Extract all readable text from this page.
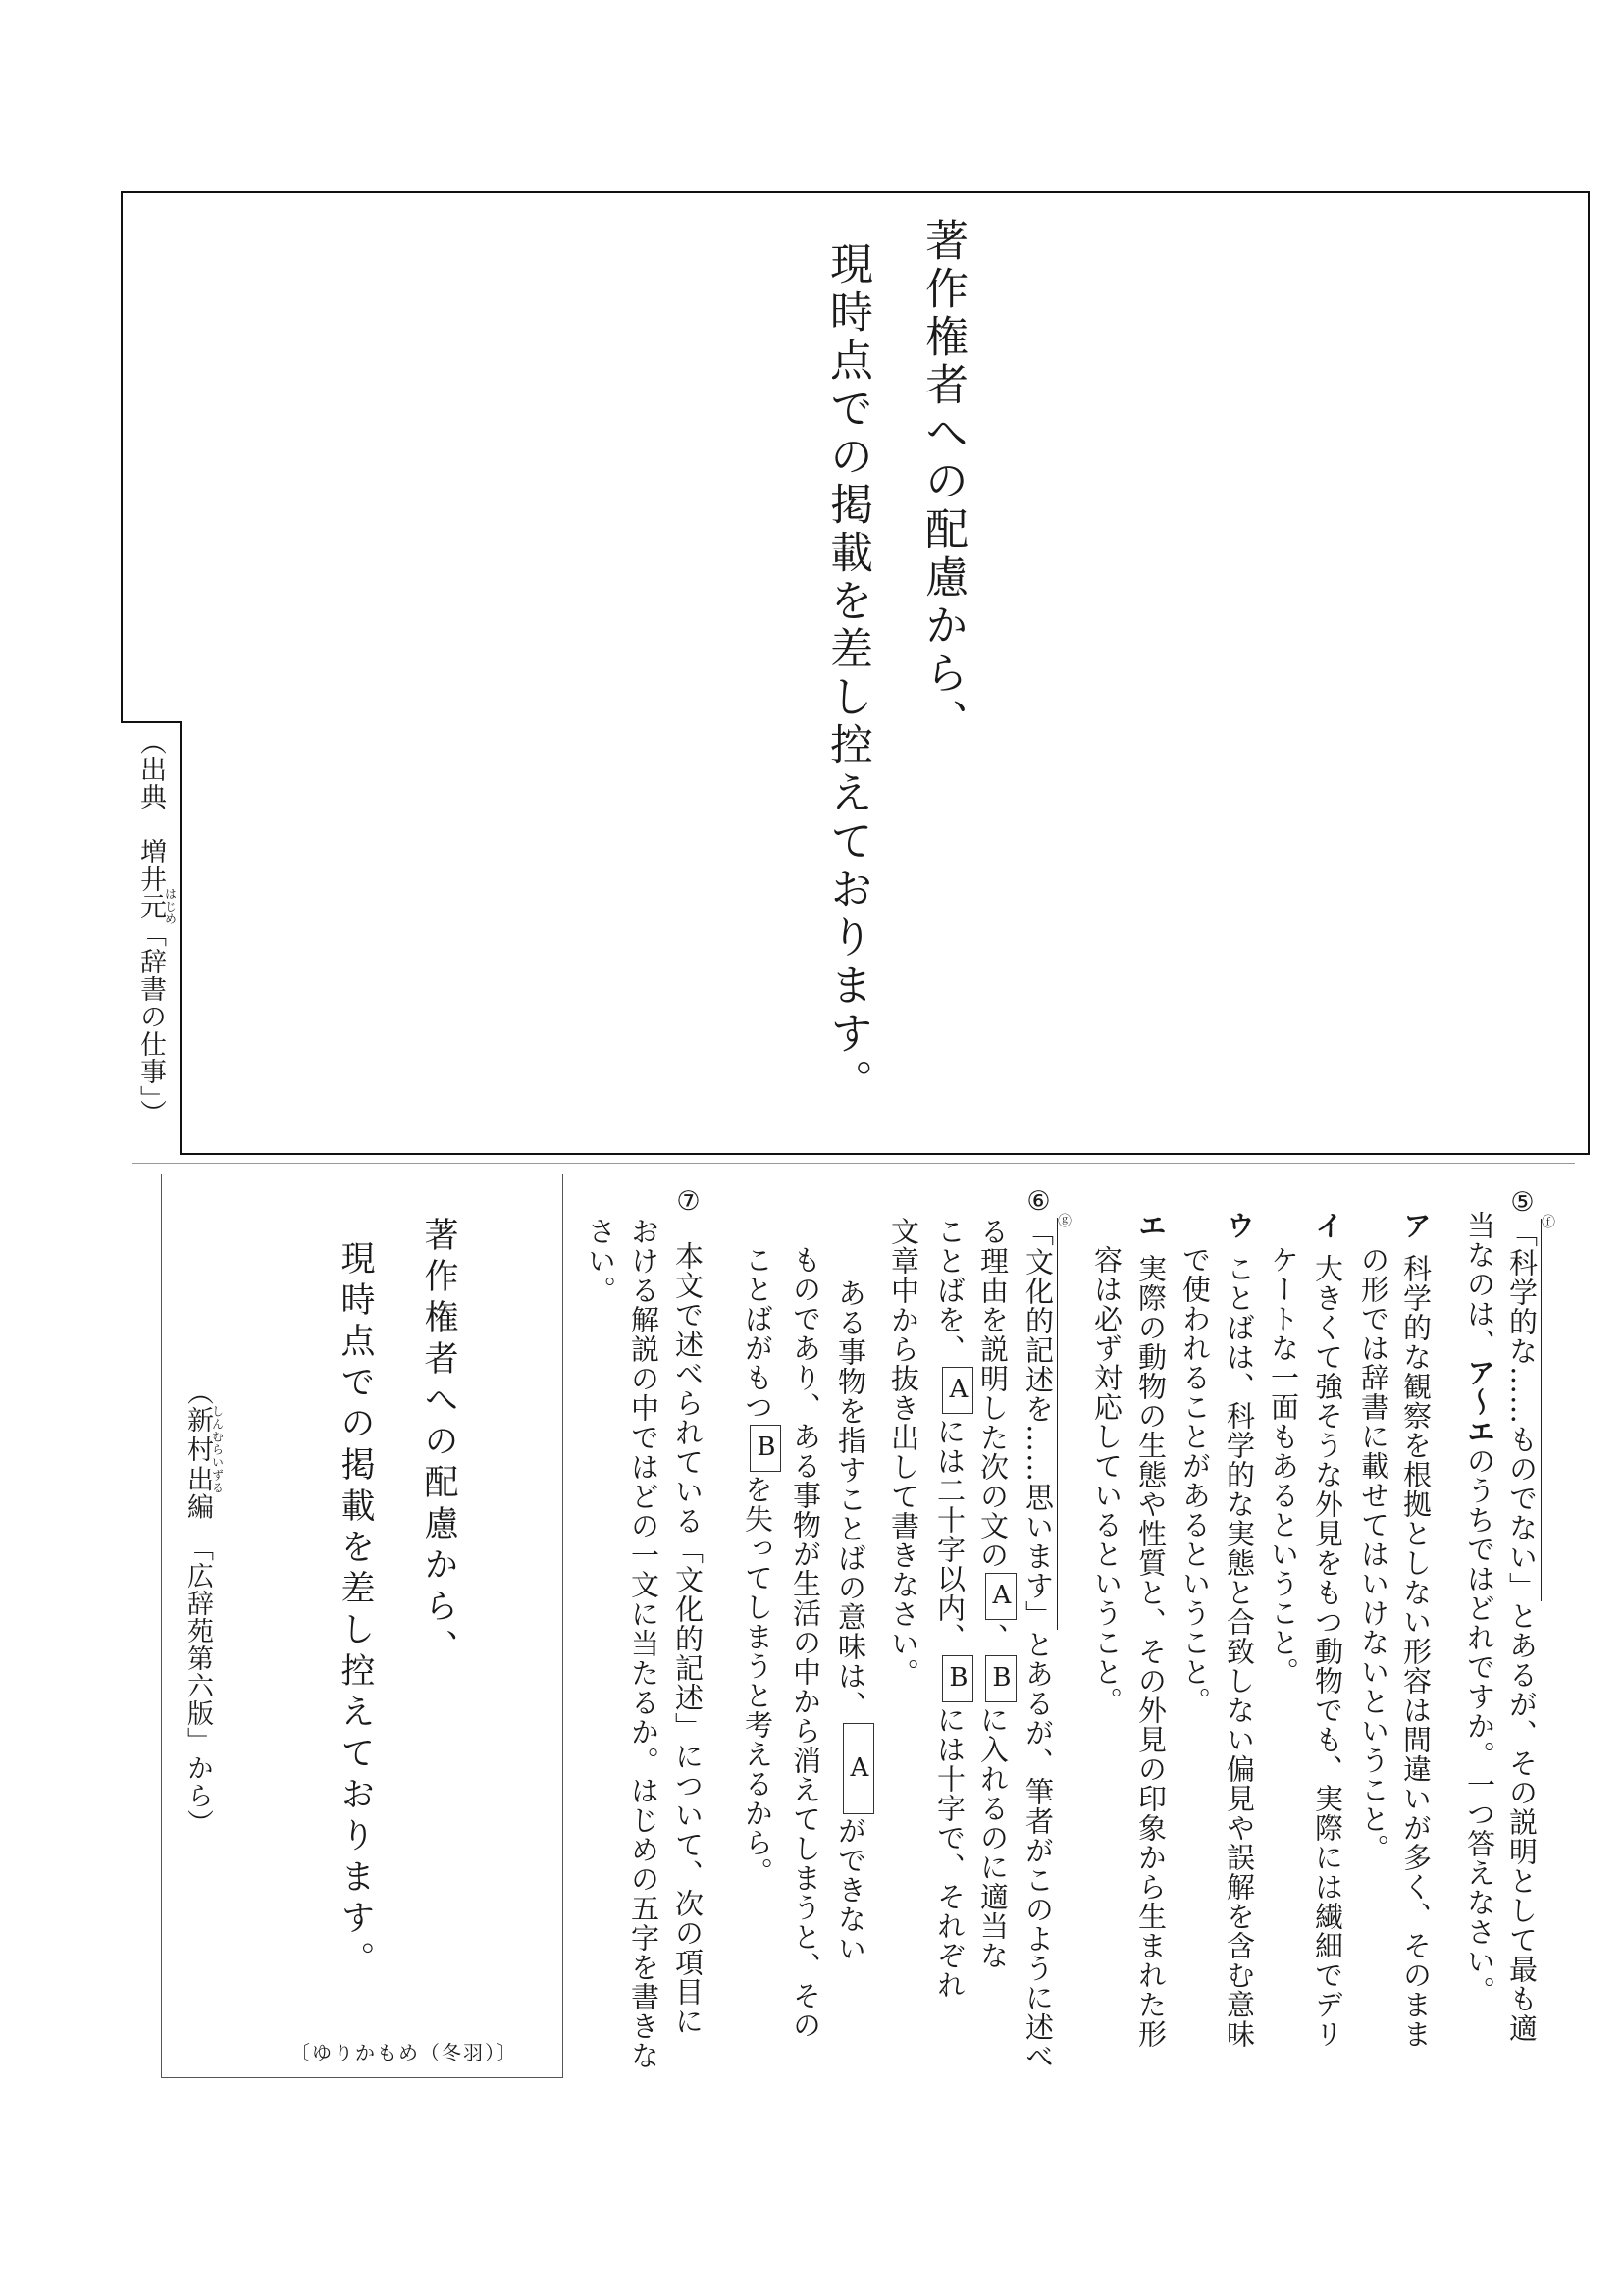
著作権者への配慮から、
現時点での掲載を差し控えております。
（出典　増井元はじめ「辞書の仕事」）
著作権者への配慮から、
現時点での掲載を差し控えております。
（新村出しんむらいずる編　「広辞苑第六版」から）
〔ゆりかもめ（冬羽）〕
⑤「科学的な……ものでない」 ⓕ
とあるが、その説明として最も適
当なのは、ア～エのうちではどれですか。一つ答えなさい。
ア科学的な観察を根拠としない形容は間違いが多く、そのまま
の形では辞書に載せてはいけないということ。
イ大きくて強そうな外見をもつ動物でも、実際には繊細でデリ
ケートな一面もあるということ。
ウことばは、科学的な実態と合致しない偏見や誤解を含む意味
で使われることがあるということ。
エ実際の動物の生態や性質と、その外見の印象から生まれた形
容は必ず対応しているということ。
⑥「文化的記述を……思います」 ⓖ
とあるが、筆者がこのように述べ
る理由を説明した次の文のA、Bに入れるのに適当な
ことばを、Aには二十字以内、Bには十字で、それぞれ
文章中から抜き出して書きなさい。
ある事物を指すことばの意味は、Aができない
ものであり、ある事物が生活の中から消えてしまうと、その
ことばがもつBを失ってしまうと考えるから。
⑦本文で述べられている「文化的記述」について、次の項目に
おける解説の中ではどの一文に当たるか。はじめの五字を書きな
さい。
